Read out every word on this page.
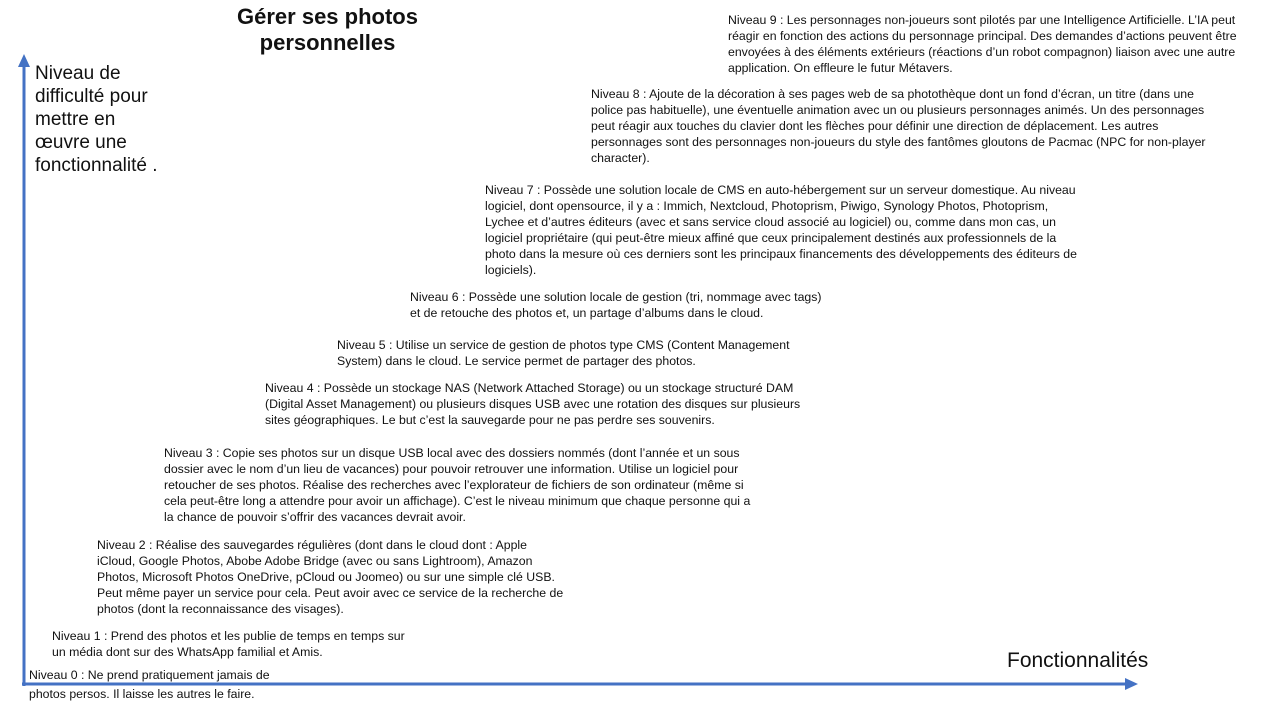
Gérer ses photos personnelles
Niveau de difficulté pour mettre en œuvre une fonctionnalité .
Fonctionnalités
Niveau 9 : Les personnages non-joueurs sont pilotés par une Intelligence Artificielle. L’IA peut réagir en fonction des actions du personnage principal. Des demandes d’actions peuvent être envoyées à des éléments extérieurs (réactions d’un robot compagnon) liaison avec une autre application. On effleure le futur Métavers.
Niveau 8 : Ajoute de la décoration à ses pages web de sa photothèque dont un fond d’écran, un titre (dans une police pas habituelle), une éventuelle animation avec un ou plusieurs personnages animés. Un des personnages peut réagir aux touches du clavier dont les flèches pour définir une direction de déplacement. Les autres personnages sont des personnages non-joueurs du style des fantômes gloutons de Pacmac (NPC for non-player character).
Niveau 7 : Possède une solution locale de CMS en auto-hébergement sur un serveur domestique. Au niveau logiciel, dont opensource, il y a : Immich, Nextcloud, Photoprism, Piwigo, Synology Photos, Photoprism, Lychee et d’autres éditeurs (avec et sans service cloud associé au logiciel) ou, comme dans mon cas, un logiciel propriétaire (qui peut-être mieux affiné que ceux principalement destinés aux professionnels de la photo dans la mesure où ces derniers sont les principaux financements des développements des éditeurs de logiciels).
Niveau 6 : Possède une solution locale de gestion (tri, nommage avec tags) et de retouche des photos et, un partage d’albums dans le cloud.
Niveau 5 : Utilise un service de gestion de photos type CMS (Content Management System) dans le cloud. Le service permet de partager des photos.
Niveau 4 : Possède un stockage NAS (Network Attached Storage) ou un stockage structuré DAM (Digital Asset Management) ou plusieurs disques USB avec une rotation des disques sur plusieurs sites géographiques. Le but c’est la sauvegarde pour ne pas perdre ses souvenirs.
Niveau 3 : Copie ses photos sur un disque USB local avec des dossiers nommés (dont l’année et un sous dossier avec le nom d’un lieu de vacances) pour pouvoir retrouver une information. Utilise un logiciel pour retoucher de ses photos. Réalise des recherches avec l’explorateur de fichiers de son ordinateur (même si cela peut-être long a attendre pour avoir un affichage). C’est le niveau minimum que chaque personne qui a la chance de pouvoir s’offrir des vacances devrait avoir.
Niveau 2 : Réalise des sauvegardes régulières (dont dans le cloud dont : Apple iCloud, Google Photos, Abobe Adobe Bridge (avec ou sans Lightroom), Amazon Photos, Microsoft Photos OneDrive, pCloud ou Joomeo) ou sur une simple clé USB. Peut même payer un service pour cela. Peut avoir avec ce service de la recherche de photos (dont la reconnaissance des visages).
Niveau 1 : Prend des photos et les publie de temps en temps sur un média dont sur des WhatsApp familial et Amis.
Niveau 0 : Ne prend pratiquement jamais de photos persos. Il laisse les autres le faire.
